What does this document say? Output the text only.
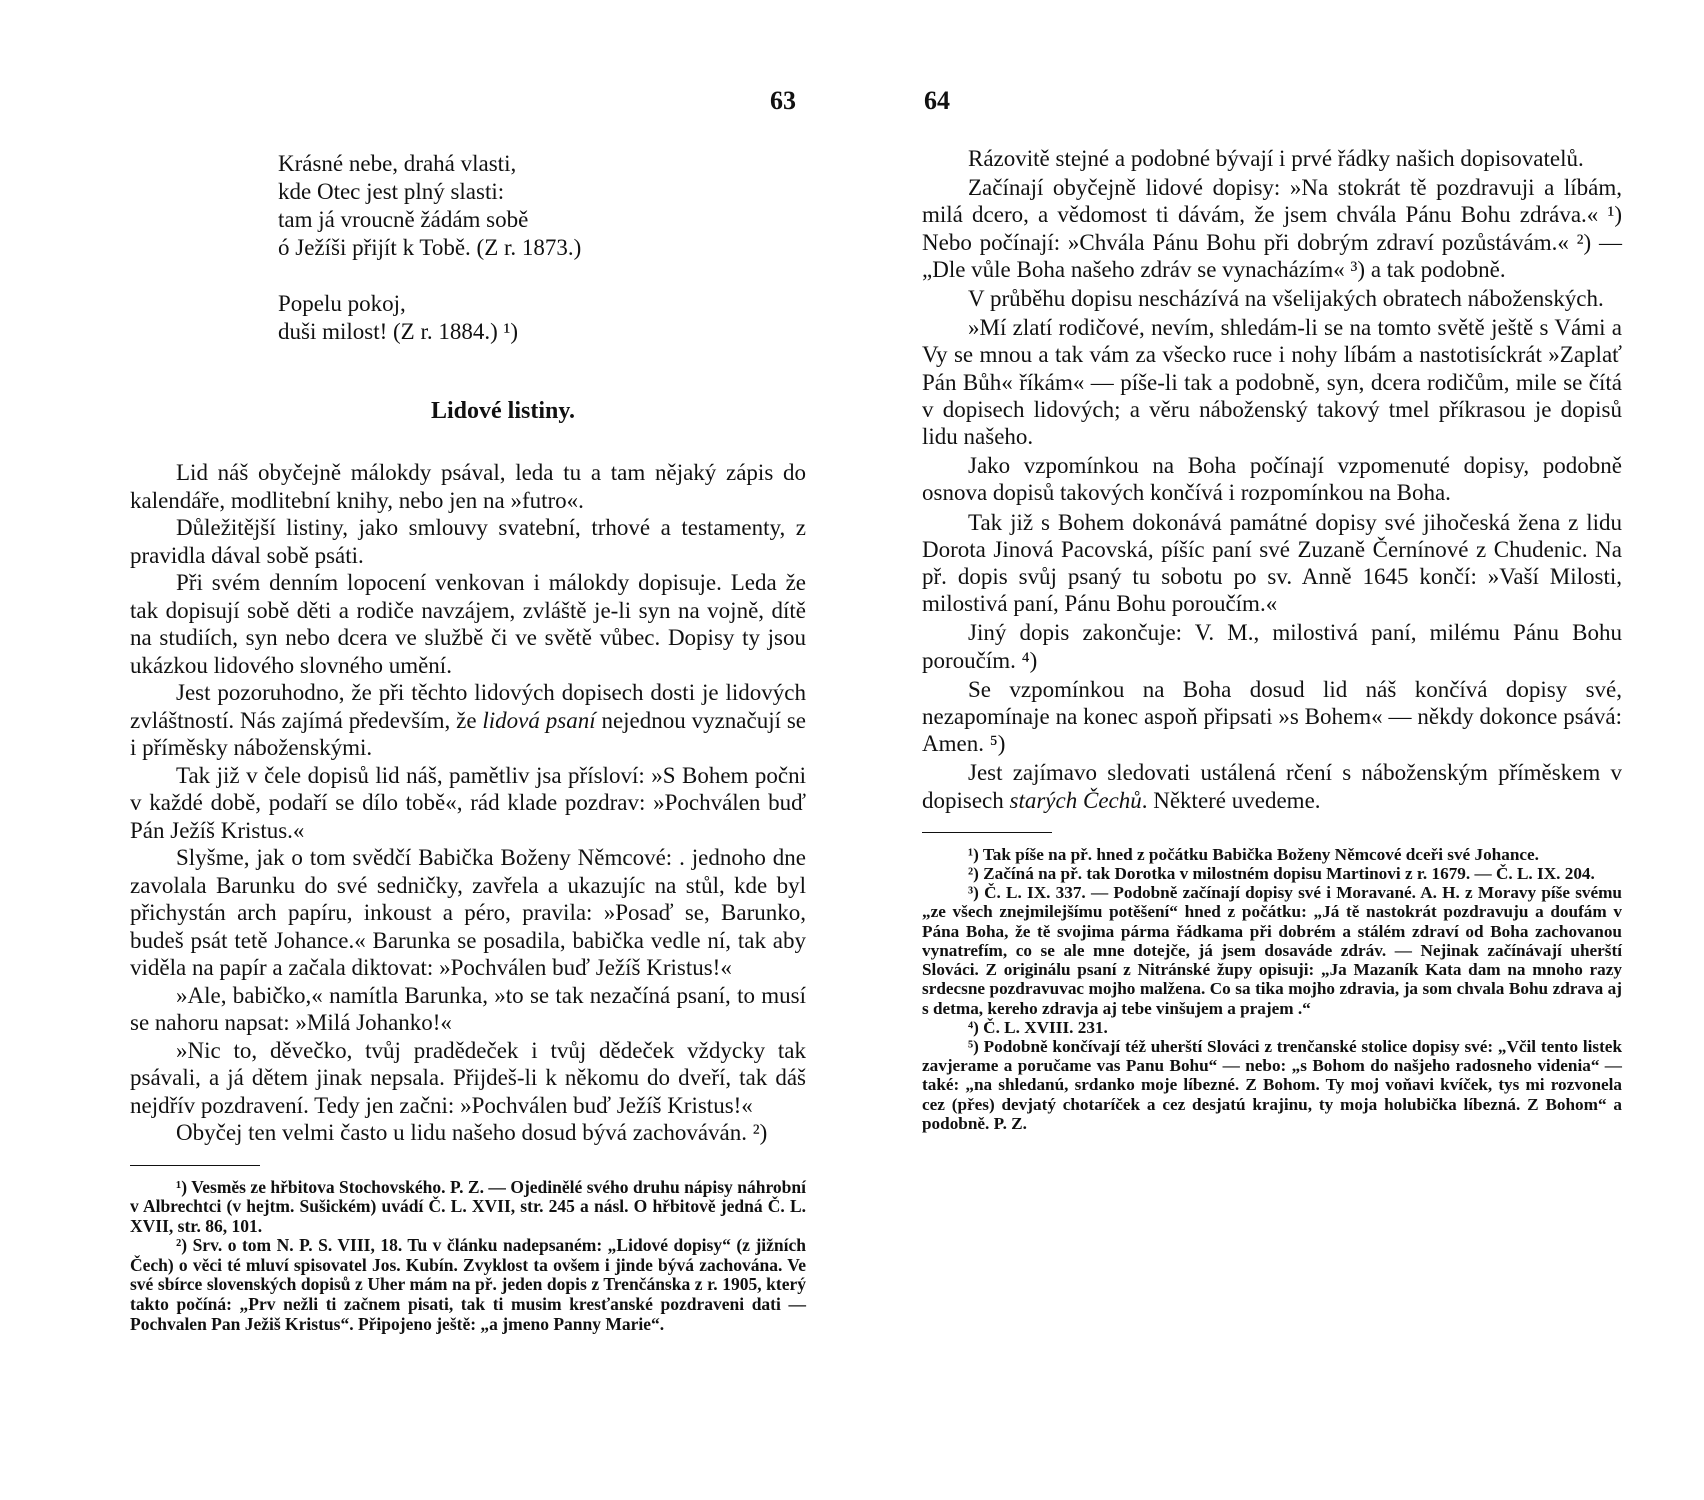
63
Krásné nebe, drahá vlasti,
kde Otec jest plný slasti:
tam já vroucně žádám sobě
ó Ježíši přijít k Tobě. (Z r. 1873.)
Popelu pokoj,
duši milost! (Z r. 1884.) ¹)
Lidové listiny.

Lid náš obyčejně málokdy psával, leda tu a tam nějaký zápis do kalendáře, modlitební knihy, nebo jen na »futro«.

Důležitější listiny, jako smlouvy svatební, trhové a testamenty, z pravidla dával sobě psáti.

Při svém denním lopocení venkovan i málokdy dopisuje. Leda že tak dopisují sobě děti a rodiče navzájem, zvláště je-li syn na vojně, dítě na studiích, syn nebo dcera ve službě či ve světě vůbec. Dopisy ty jsou ukázkou lidového slovného umění.

Jest pozoruhodno, že při těchto lidových dopisech dosti je lidových zvláštností. Nás zajímá především, že lidová psaní nejednou vyznačují se i příměsky náboženskými.

Tak již v čele dopisů lid náš, pamětliv jsa přísloví: »S Bohem počni v každé době, podaří se dílo tobě«, rád klade pozdrav: »Pochválen buď Pán Ježíš Kristus.«

Slyšme, jak o tom svědčí Babička Boženy Němcové: . jednoho dne zavolala Barunku do své sedničky, zavřela a ukazujíc na stůl, kde byl přichystán arch papíru, inkoust a péro, pravila: »Posaď se, Barunko, budeš psát tetě Johance.« Barunka se posadila, babička vedle ní, tak aby viděla na papír a začala diktovat: »Pochválen buď Ježíš Kristus!«

»Ale, babičko,« namítla Barunka, »to se tak nezačíná psaní, to musí se nahoru napsat: »Milá Johanko!«

»Nic to, děvečko, tvůj pradědeček i tvůj dědeček vždycky tak psávali, a já dětem jinak nepsala. Přijdeš-li k někomu do dveří, tak dáš nejdřív pozdravení. Tedy jen začni: »Pochválen buď Ježíš Kristus!«

Obyčej ten velmi často u lidu našeho dosud bývá zachováván. ²)

¹) Vesměs ze hřbitova Stochovského. P. Z. — Ojedinělé svého druhu nápisy náhrobní v Albrechtci (v hejtm. Sušickém) uvádí Č. L. XVII, str. 245 a násl. O hřbitově jedná Č. L. XVII, str. 86, 101.

²) Srv. o tom N. P. S. VIII, 18. Tu v článku nadepsaném: „Lidové dopisy“ (z jižních Čech) o věci té mluví spisovatel Jos. Kubín. Zvyklost ta ovšem i jinde bývá zachována. Ve své sbírce slovenských dopisů z Uher mám na př. jeden dopis z Trenčánska z r. 1905, který takto počíná: „Prv nežli ti začnem pisati, tak ti musim kresťanské pozdraveni dati — Pochvalen Pan Ježiš Kristus“. Připojeno ještě: „a jmeno Panny Marie“.

64

Rázovitě stejné a podobné bývají i prvé řádky našich dopisovatelů.

Začínají obyčejně lidové dopisy: »Na stokrát tě pozdravuji a líbám, milá dcero, a vědomost ti dávám, že jsem chvála Pánu Bohu zdráva.« ¹) Nebo počínají: »Chvála Pánu Bohu při dobrým zdraví pozůstávám.« ²) — „Dle vůle Boha našeho zdráv se vynacházím« ³) a tak podobně.

V průběhu dopisu nescházívá na všelijakých obratech náboženských.

»Mí zlatí rodičové, nevím, shledám-li se na tomto světě ještě s Vámi a Vy se mnou a tak vám za všecko ruce i nohy líbám a nastotisíckrát »Zaplať Pán Bůh« říkám« — píše-li tak a podobně, syn, dcera rodičům, mile se čítá v dopisech lidových; a věru náboženský takový tmel příkrasou je dopisů lidu našeho.

Jako vzpomínkou na Boha počínají vzpomenuté dopisy, podobně osnova dopisů takových končívá i rozpomínkou na Boha.

Tak již s Bohem dokonává památné dopisy své jihočeská žena z lidu Dorota Jinová Pacovská, píšíc paní své Zuzaně Černínové z Chudenic. Na př. dopis svůj psaný tu sobotu po sv. Anně 1645 končí: »Vaší Milosti, milostivá paní, Pánu Bohu poroučím.«

Jiný dopis zakončuje: V. M., milostivá paní, milému Pánu Bohu poroučím. ⁴)

Se vzpomínkou na Boha dosud lid náš končívá dopisy své, nezapomínaje na konec aspoň připsati »s Bohem« — někdy dokonce psává: Amen. ⁵)

Jest zajímavo sledovati ustálená rčení s náboženským příměskem v dopisech starých Čechů. Některé uvedeme.

¹) Tak píše na př. hned z počátku Babička Boženy Němcové dceři své Johance.

²) Začíná na př. tak Dorotka v milostném dopisu Martinovi z r. 1679. — Č. L. IX. 204.

³) Č. L. IX. 337. — Podobně začínají dopisy své i Moravané. A. H. z Moravy píše svému „ze všech znejmilejšímu potěšení“ hned z počátku: „Já tě nastokrát pozdravuju a doufám v Pána Boha, že tě svojima pármа řádkama při dobrém a stálém zdraví od Boha zachovanou vynatrefím, co se ale mne dotejče, já jsem dosaváde zdráv. — Nejinak začínávají uherští Slováci. Z originálu psaní z Nitránské župy opisuji: „Ja Mazaník Kata dam na mnoho razy srdecsne pozdravuvac mojho malžena. Co sa tika mojho zdravia, ja som chvala Bohu zdrava aj s detma, kereho zdravja aj tebe vinšujem a prajem .“

⁴) Č. L. XVIII. 231.

⁵) Podobně končívají též uherští Slováci z trenčanské stolice dopisy své: „Včil tento listek zavjerame a poručame vas Panu Bohu“ — nebo: „s Bohom do našjeho radosneho videnia“ — také: „na shledanú, srdanko moje líbezné. Z Bohom. Ty moj voňavi kvíček, tys mi rozvonela cez (přes) devjatý chotaríček a cez desjatú krajinu, ty moja holubička líbezná. Z Bohom“ a podobně. P. Z.
